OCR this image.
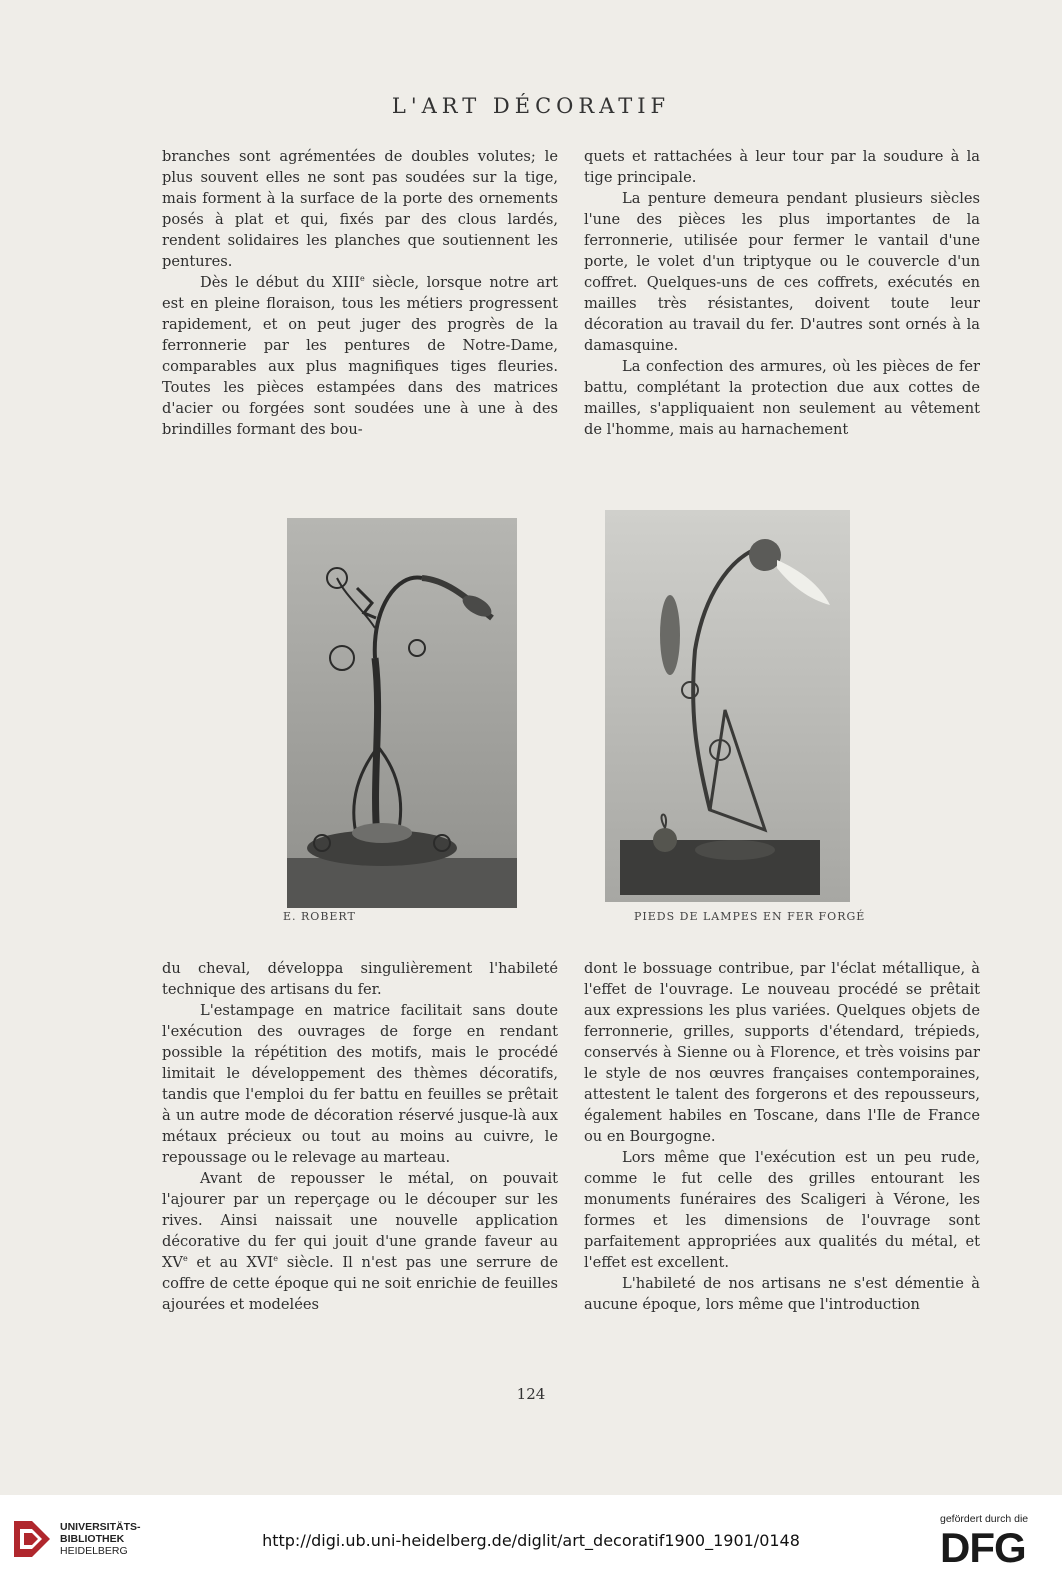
L'ART DÉCORATIF

branches sont agrémentées de doubles volutes; le plus souvent elles ne sont pas soudées sur la tige, mais forment à la surface de la porte des ornements posés à plat et qui, fixés par des clous lardés, rendent solidaires les planches que soutiennent les pentures.

Dès le début du XIIIe siècle, lorsque notre art est en pleine floraison, tous les métiers progressent rapidement, et on peut juger des progrès de la ferronnerie par les pentures de Notre-Dame, comparables aux plus magnifiques tiges fleuries. Toutes les pièces estampées dans des matrices d'acier ou forgées sont soudées une à une à des brindilles formant des bou-

quets et rattachées à leur tour par la soudure à la tige principale.

La penture demeura pendant plusieurs siècles l'une des pièces les plus importantes de la ferronnerie, utilisée pour fermer le vantail d'une porte, le volet d'un triptyque ou le couvercle d'un coffret. Quelques-uns de ces coffrets, exécutés en mailles très résistantes, doivent toute leur décoration au travail du fer. D'autres sont ornés à la damasquine.

La confection des armures, où les pièces de fer battu, complétant la protection due aux cottes de mailles, s'appliquaient non seulement au vêtement de l'homme, mais au harnachement

E. ROBERT	PIEDS DE LAMPES EN FER FORGÉ

du cheval, développa singulièrement l'habileté technique des artisans du fer.

L'estampage en matrice facilitait sans doute l'exécution des ouvrages de forge en rendant possible la répétition des motifs, mais le procédé limitait le développement des thèmes décoratifs, tandis que l'emploi du fer battu en feuilles se prêtait à un autre mode de décoration réservé jusque-là aux métaux précieux ou tout au moins au cuivre, le repoussage ou le relevage au marteau.

Avant de repousser le métal, on pouvait l'ajourer par un reperçage ou le découper sur les rives. Ainsi naissait une nouvelle application décorative du fer qui jouit d'une grande faveur au XVe et au XVIe siècle. Il n'est pas une serrure de coffre de cette époque qui ne soit enrichie de feuilles ajourées et modelées

dont le bossuage contribue, par l'éclat métallique, à l'effet de l'ouvrage. Le nouveau procédé se prêtait aux expressions les plus variées. Quelques objets de ferronnerie, grilles, supports d'étendard, trépieds, conservés à Sienne ou à Florence, et très voisins par le style de nos œuvres françaises contemporaines, attestent le talent des forgerons et des repousseurs, également habiles en Toscane, dans l'Ile de France ou en Bourgogne.

Lors même que l'exécution est un peu rude, comme le fut celle des grilles entourant les monuments funéraires des Scaligeri à Vérone, les formes et les dimensions de l'ouvrage sont parfaitement appropriées aux qualités du métal, et l'effet est excellent.

L'habileté de nos artisans ne s'est démentie à aucune époque, lors même que l'introduction

124
UNIVERSITÄTS-
BIBLIOTHEK
HEIDELBERG
http://digi.ub.uni-heidelberg.de/diglit/art_decoratif1900_1901/0148
gefördert durch die
DFG
